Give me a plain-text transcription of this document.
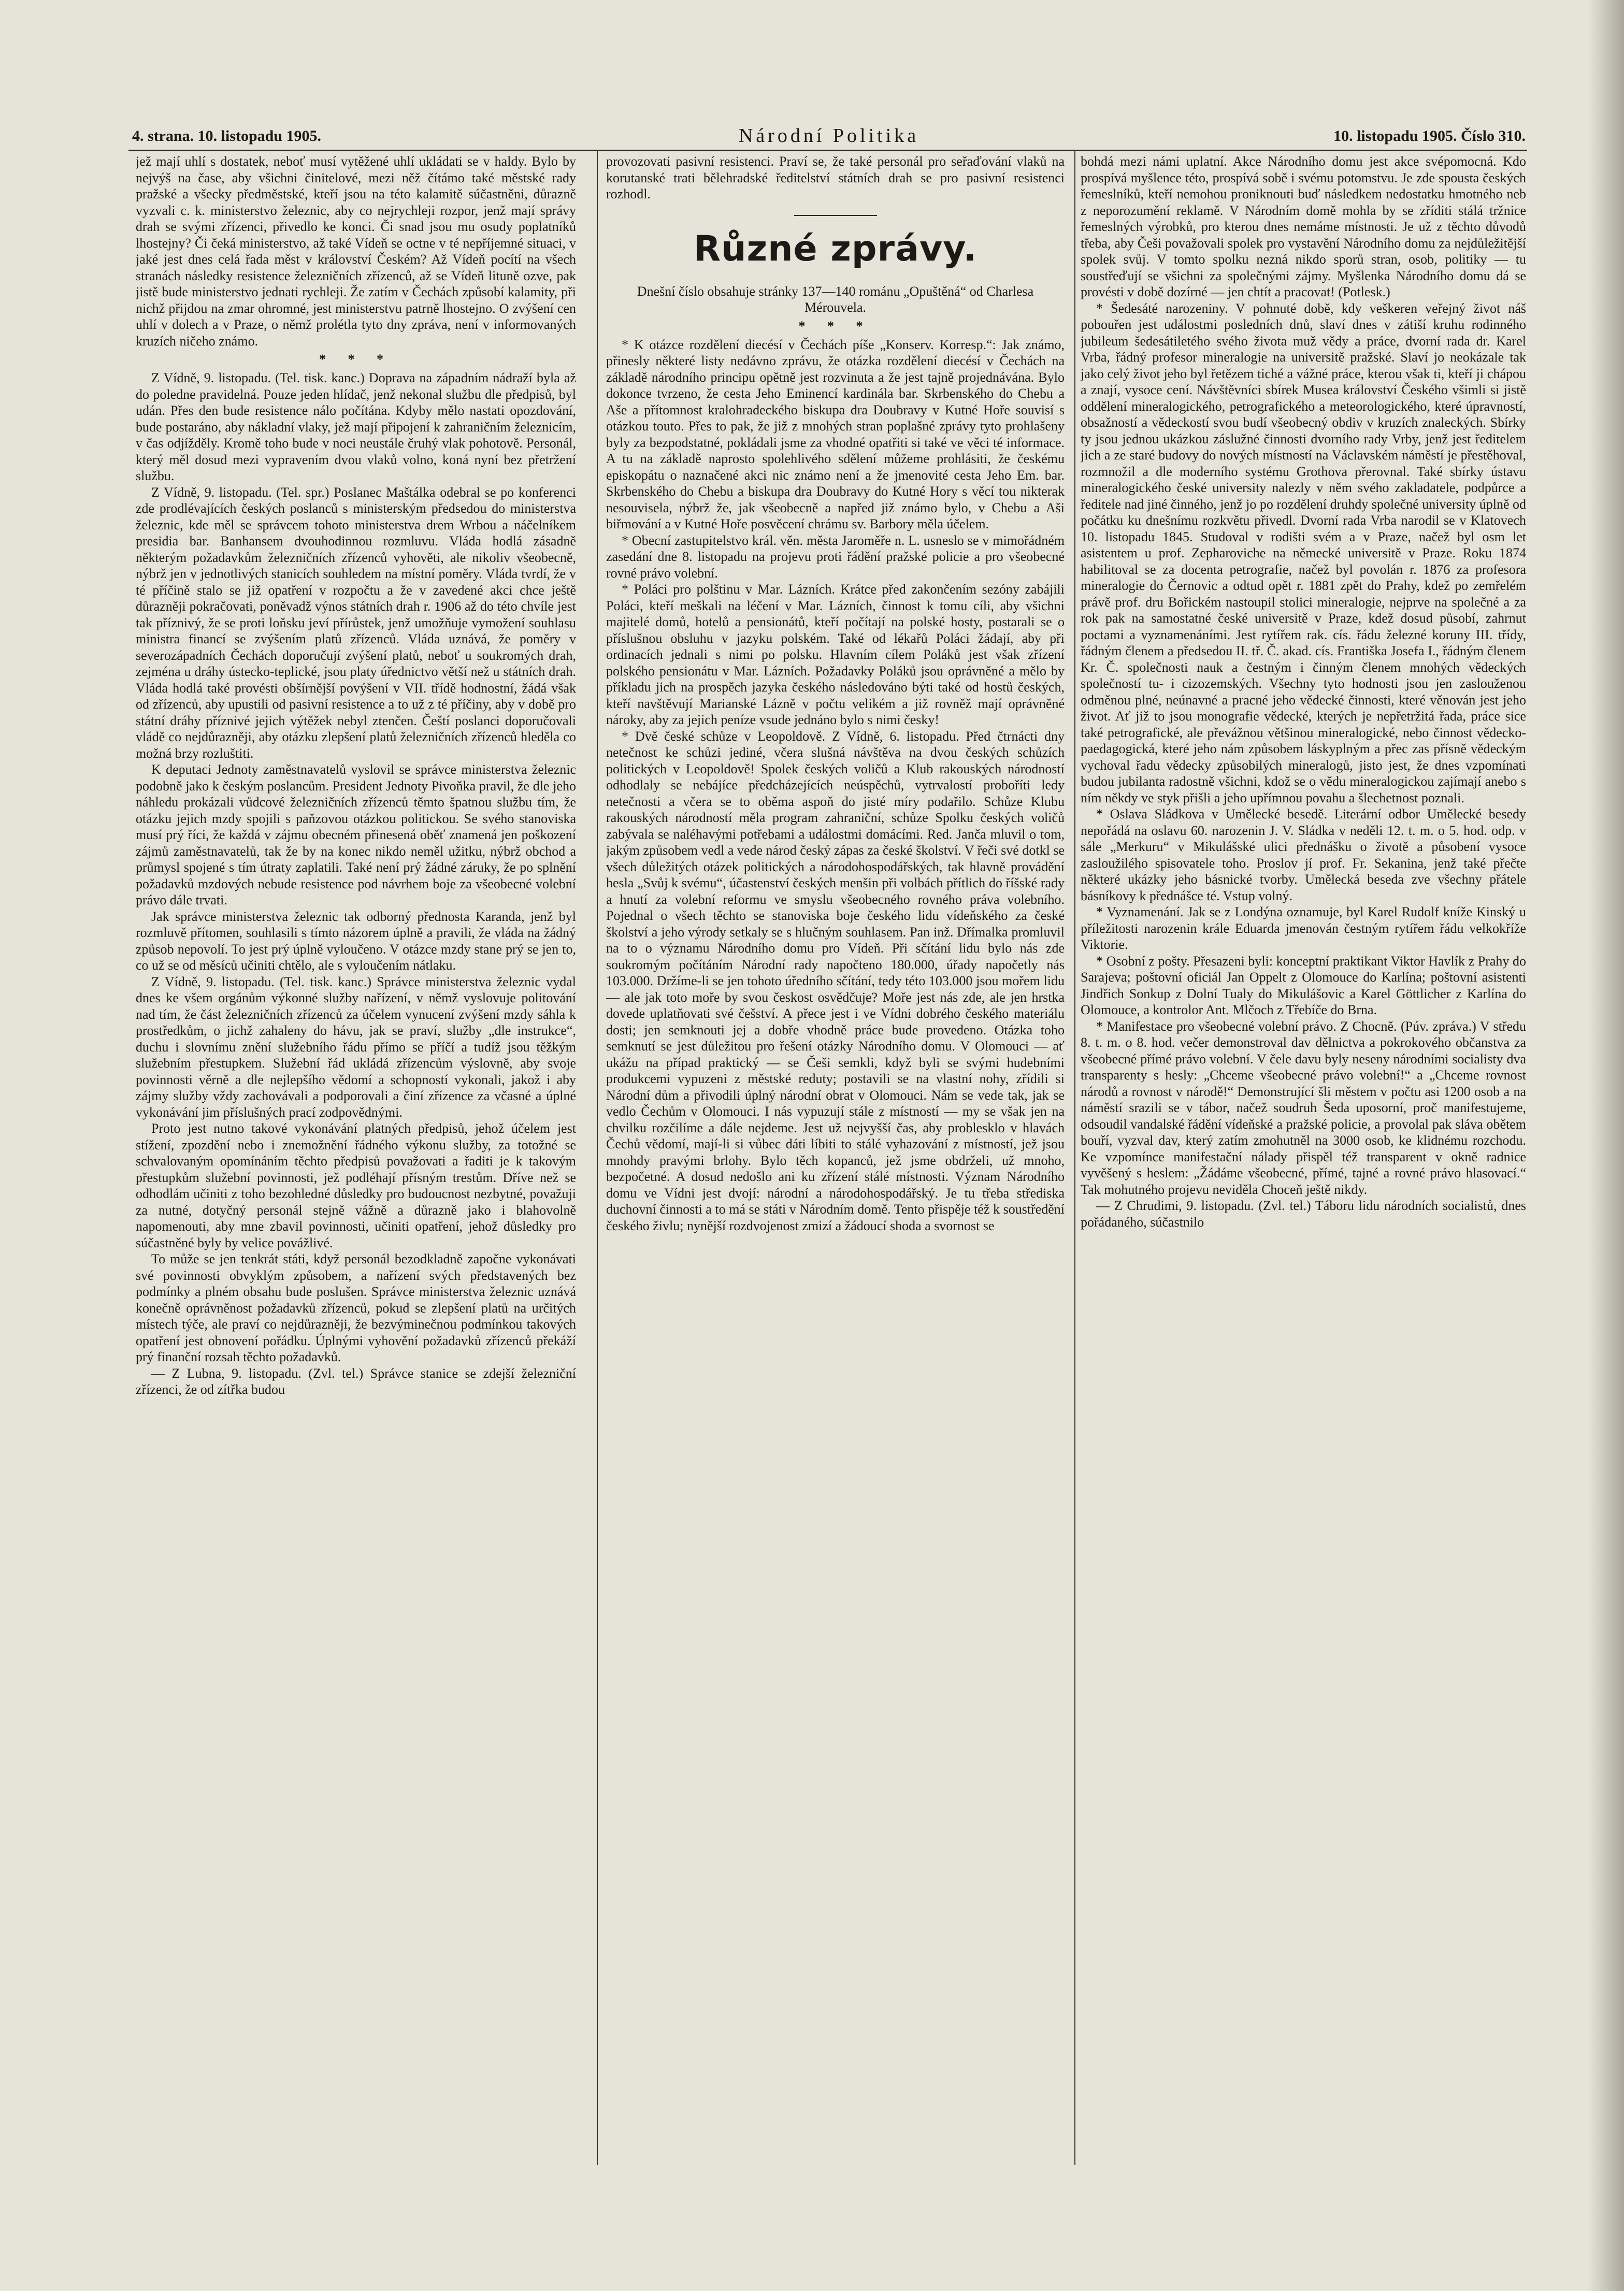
4. strana. 10. listopadu 1905.	Národní Politika	10. listopadu 1905. Číslo 310.

jež mají uhlí s dostatek, neboť musí vytěžené uhlí ukládati se v haldy. Bylo by nejvýš na čase, aby všichni činitelové, mezi něž čítámo také městské rady pražské a všecky předměstské, kteří jsou na této kalamitě súčastněni, důrazně vyzvali c. k. ministerstvo železnic, aby co nejrychleji rozpor, jenž mají správy drah se svými zřízenci, přivedlo ke konci. Či snad jsou mu osudy poplatníků lhostejny? Či čeká ministerstvo, až také Vídeň se octne v té nepříjemné situaci, v jaké jest dnes celá řada měst v království Českém? Až Vídeň pocítí na všech stranách následky resistence železničních zřízenců, až se Vídeň lituně ozve, pak jistě bude ministerstvo jednati rychleji. Že zatím v Čechách způsobí kalamity, při nichž přijdou na zmar ohromné, jest ministerstvu patrně lhostejno. O zvýšení cen uhlí v dolech a v Praze, o němž prolétla tyto dny zpráva, není v informovaných kruzích ničeho známo.

* * *

Z Vídně, 9. listopadu. (Tel. tisk. kanc.) Doprava na západním nádraží byla až do poledne pravidelná. Pouze jeden hlídač, jenž nekonal službu dle předpisů, byl udán. Přes den bude resistence nálo počítána. Kdyby mělo nastati opozdování, bude postaráno, aby nákladní vlaky, jež mají připojení k zahraničním železnicím, v čas odjížděly. Kromě toho bude v noci neustále čruhý vlak pohotově. Personál, který měl dosud mezi vypravením dvou vlaků volno, koná nyní bez přetržení službu.

Z Vídně, 9. listopadu. (Tel. spr.) Poslanec Maštálka odebral se po konferenci zde prodlévajících českých poslanců s ministerským předsedou do ministerstva železnic, kde měl se správcem tohoto ministerstva drem Wrbou a náčelníkem presidia bar. Banhansem dvouhodinnou rozmluvu. Vláda hodlá zásadně některým požadavkům železničních zřízenců vyhověti, ale nikoliv všeobecně, nýbrž jen v jednotlivých stanicích souhledem na místní poměry. Vláda tvrdí, že v té příčině stalo se již opatření v rozpočtu a že v zavedené akci chce ještě důrazněji pokračovati, poněvadž výnos státních drah r. 1906 až do této chvíle jest tak příznivý, že se proti loňsku jeví přírůstek, jenž umožňuje vymožení souhlasu ministra financí se zvýšením platů zřízenců. Vláda uznává, že poměry v severozápadních Čechách doporučují zvýšení platů, neboť u soukromých drah, zejména u dráhy ústecko-teplické, jsou platy úřednictvo větší než u státních drah. Vláda hodlá také provésti obšírnější povýšení v VII. třídě hodnostní, žádá však od zřízenců, aby upustili od pasivní resistence a to už z té příčiny, aby v době pro státní dráhy příznivé jejich výtěžek nebyl ztenčen. Čeští poslanci doporučovali vládě co nejdůrazněji, aby otázku zlepšení platů železničních zřízenců hleděla co možná brzy rozluštiti.

K deputaci Jednoty zaměstnavatelů vyslovil se správce ministerstva železnic podobně jako k českým poslancům. President Jednoty Pivoňka pravil, že dle jeho náhledu prokázali vůdcové železničních zřízenců těmto špatnou službu tím, že otázku jejich mzdy spojili s paňzovou otázkou politickou. Se svého stanoviska musí prý říci, že každá v zájmu obecném přinesená oběť znamená jen poškození zájmů zaměstnavatelů, tak že by na konec nikdo neměl užitku, nýbrž obchod a průmysl spojené s tím útraty zaplatili. Také není prý žádné záruky, že po splnění požadavků mzdových nebude resistence pod návrhem boje za všeobecné volební právo dále trvati.

Jak správce ministerstva železnic tak odborný přednosta Karanda, jenž byl rozmluvě přítomen, souhlasili s tímto názorem úplně a pravili, že vláda na žádný způsob nepovolí. To jest prý úplně vyloučeno. V otázce mzdy stane prý se jen to, co už se od měsíců učiniti chtělo, ale s vyloučením nátlaku.

Z Vídně, 9. listopadu. (Tel. tisk. kanc.) Správce ministerstva železnic vydal dnes ke všem orgánům výkonné služby nařízení, v němž vyslovuje politování nad tím, že část železničních zřízenců za účelem vynucení zvýšení mzdy sáhla k prostředkům, o jichž zahaleny do hávu, jak se praví, služby „dle instrukce“, duchu i slovnímu znění služebního řádu přímo se příčí a tudíž jsou těžkým služebním přestupkem. Služební řád ukládá zřízencům výslovně, aby svoje povinnosti věrně a dle nejlepšího vědomí a schopností vykonali, jakož i aby zájmy služby vždy zachovávali a podporovali a činí zřízence za včasné a úplné vykonávání jim příslušných prací zodpovědnými.

Proto jest nutno takové vykonávání platných předpisů, jehož účelem jest stížení, zpozdění nebo i znemožnění řádného výkonu služby, za totožné se schvalovaným opomínáním těchto předpisů považovati a řaditi je k takovým přestupkům služební povinnosti, jež podléhají přísným trestům. Dříve než se odhodlám učiniti z toho bezohledné důsledky pro budoucnost nezbytné, považuji za nutné, dotyčný personál stejně vážně a důrazně jako i blahovolně napomenouti, aby mne zbavil povinnosti, učiniti opatření, jehož důsledky pro súčastněné byly by velice povážlivé.

To může se jen tenkrát státi, když personál bezodkladně započne vykonávati své povinnosti obvyklým způsobem, a nařízení svých představených bez podmínky a plném obsahu bude poslušen. Správce ministerstva železnic uznává konečně oprávněnost požadavků zřízenců, pokud se zlepšení platů na určitých místech týče, ale praví co nejdůrazněji, že bezvýminečnou podmínkou takových opatření jest obnovení pořádku. Úplnými vyhovění požadavků zřízenců překáží prý finanční rozsah těchto požadavků.

— Z Lubna, 9. listopadu. (Zvl. tel.) Správce stanice se zdejší železniční zřízenci, že od zítřka budou

provozovati pasivní resistenci. Praví se, že také personál pro seřaďování vlaků na korutanské trati bělehradské ředitelství státních drah se pro pasivní resistenci rozhodl.

Různé zprávy.

Dnešní číslo obsahuje stránky 137—140 románu „Opuštěná“ od Charlesa Mérouvela.

* * *

* K otázce rozdělení diecésí v Čechách píše „Konserv. Korresp.“: Jak známo, přinesly některé listy nedávno zprávu, že otázka rozdělení diecésí v Čechách na základě národního principu opětně jest rozvinuta a že jest tajně projednávána. Bylo dokonce tvrzeno, že cesta Jeho Eminencí kardinála bar. Skrbenského do Chebu a Aše a přítomnost kralohradeckého biskupa dra Doubravy v Kutné Hoře souvisí s otázkou touto. Přes to pak, že již z mnohých stran poplašné zprávy tyto prohlašeny byly za bezpodstatné, pokládali jsme za vhodné opatřiti si také ve věci té informace. A tu na základě naprosto spolehlivého sdělení můžeme prohlásiti, že českému episkopátu o naznačené akci nic známo není a že jmenovité cesta Jeho Em. bar. Skrbenského do Chebu a biskupa dra Doubravy do Kutné Hory s věcí tou nikterak nesouvisela, nýbrž že, jak všeobecně a napřed již známo bylo, v Chebu a Aši biřmování a v Kutné Hoře posvěcení chrámu sv. Barbory měla účelem.

* Obecní zastupitelstvo král. věn. města Jaroměře n. L. usneslo se v mimořádném zasedání dne 8. listopadu na projevu proti řádění pražské policie a pro všeobecné rovné právo volební.

* Poláci pro polštinu v Mar. Lázních. Krátce před zakončením sezóny zabájili Poláci, kteří meškali na léčení v Mar. Lázních, činnost k tomu cíli, aby všichni majitelé domů, hotelů a pensionátů, kteří počítají na polské hosty, postarali se o příslušnou obsluhu v jazyku polském. Také od lékařů Poláci žádají, aby při ordinacích jednali s nimi po polsku. Hlavním cílem Poláků jest však zřízení polského pensionátu v Mar. Lázních. Požadavky Poláků jsou oprávněné a mělo by příkladu jich na prospěch jazyka českého následováno býti také od hostů českých, kteří navštěvují Marianské Lázně v počtu velikém a již rovněž mají oprávněné nároky, aby za jejich peníze vsude jednáno bylo s nimi česky!

* Dvě české schůze v Leopoldově. Z Vídně, 6. listopadu. Před čtrnácti dny netečnost ke schůzi jediné, včera slušná návštěva na dvou českých schůzích politických v Leopoldově! Spolek českých voličů a Klub rakouských národností odhodlaly se nebájíce předcházejících neúspěchů, vytrvalostí proboříti ledy netečnosti a včera se to oběma aspoň do jisté míry podařilo. Schůze Klubu rakouských národností měla program zahraniční, schůze Spolku českých voličů zabývala se naléhavými potřebami a událostmi domácími. Red. Janča mluvil o tom, jakým způsobem vedl a vede národ český zápas za české školství. V řeči své dotkl se všech důležitých otázek politických a národohospodářských, tak hlavně provádění hesla „Svůj k svému“, účastenství českých menšin při volbách přítlich do říšské rady a hnutí za volební reformu ve smyslu všeobecného rovného práva volebního. Pojednal o všech těchto se stanoviska boje českého lidu vídeňského za české školství a jeho výrody setkaly se s hlučným souhlasem. Pan inž. Dřímalka promluvil na to o významu Národního domu pro Vídeň. Při sčítání lidu bylo nás zde soukromým počítáním Národní rady napočteno 180.000, úřady napočetly nás 103.000. Držíme-li se jen tohoto úředního sčítání, tedy této 103.000 jsou mořem lidu — ale jak toto moře by svou českost osvědčuje? Moře jest nás zde, ale jen hrstka dovede uplatňovati své češství. A přece jest i ve Vídni dobrého českého materiálu dosti; jen semknouti jej a dobře vhodně práce bude provedeno. Otázka toho semknutí se jest důležitou pro řešení otázky Národního domu. V Olomouci — ať ukážu na případ praktický — se Češi semkli, když byli se svými hudebními produkcemi vypuzeni z městské reduty; postavili se na vlastní nohy, zřídili si Národní dům a přivodili úplný národní obrat v Olomouci. Nám se vede tak, jak se vedlo Čechům v Olomouci. I nás vypuzují stále z místností — my se však jen na chvilku rozčilíme a dále nejdeme. Jest už nejvyšší čas, aby problesklo v hlavách Čechů vědomí, mají-li si vůbec dáti líbiti to stálé vyhazování z místností, jež jsou mnohdy pravými brlohy. Bylo těch kopanců, jež jsme obdrželi, už mnoho, bezpočetné. A dosud nedošlo ani ku zřízení stálé místnosti. Význam Národního domu ve Vídni jest dvojí: národní a národohospodářský. Je tu třeba střediska duchovní činnosti a to má se státi v Národním domě. Tento přispěje též k soustředění českého živlu; nynější rozdvojenost zmizí a žádoucí shoda a svornost se

bohdá mezi námi uplatní. Akce Národního domu jest akce svépomocná. Kdo prospívá myšlence této, prospívá sobě i svému potomstvu. Je zde spousta českých řemeslníků, kteří nemohou proniknouti buď následkem nedostatku hmotného neb z neporozumění reklamě. V Národním domě mohla by se zříditi stálá tržnice řemeslných výrobků, pro kterou dnes nemáme místnosti. Je už z těchto důvodů třeba, aby Češi považovali spolek pro vystavění Národního domu za nejdůležitější spolek svůj. V tomto spolku nezná nikdo sporů stran, osob, politiky — tu soustřeďují se všichni za společnými zájmy. Myšlenka Národního domu dá se provésti v době dozírné — jen chtít a pracovat! (Potlesk.)

* Šedesáté narozeniny. V pohnuté době, kdy veškeren veřejný život náš pobouřen jest událostmi posledních dnů, slaví dnes v zátiší kruhu rodinného jubileum šedesátiletého svého života muž vědy a práce, dvorní rada dr. Karel Vrba, řádný profesor mineralogie na universitě pražské. Slaví jo neokázale tak jako celý život jeho byl řetězem tiché a vážné práce, kterou však ti, kteří ji chápou a znají, vysoce cení. Návštěvníci sbírek Musea království Českého všimli si jistě oddělení mineralogického, petrografického a meteorologického, které úpravností, obsažností a vědeckostí svou budí všeobecný obdiv v kruzích znaleckých. Sbírky ty jsou jednou ukázkou záslužné činnosti dvorního rady Vrby, jenž jest ředitelem jich a ze staré budovy do nových místností na Václavském náměstí je přestěhoval, rozmnožil a dle moderního systému Grothova přerovnal. Také sbírky ústavu mineralogického české university nalezly v něm svého zakladatele, podpůrce a ředitele nad jiné činného, jenž jo po rozdělení druhdy společné university úplně od počátku ku dnešnímu rozkvětu přivedl. Dvorní rada Vrba narodil se v Klatovech 10. listopadu 1845. Studoval v rodišti svém a v Praze, načež byl osm let asistentem u prof. Zepharoviche na německé universitě v Praze. Roku 1874 habilitoval se za docenta petrografie, načež byl povolán r. 1876 za profesora mineralogie do Černovic a odtud opět r. 1881 zpět do Prahy, kdež po zemřelém právě prof. dru Bořickém nastoupil stolici mineralogie, nejprve na společné a za rok pak na samostatné české universitě v Praze, kdež dosud působí, zahrnut poctami a vyznamenáními. Jest rytířem rak. cís. řádu železné koruny III. třídy, řádným členem a předsedou II. tř. Č. akad. cís. Františka Josefa I., řádným členem Kr. Č. společnosti nauk a čestným i činným členem mnohých vědeckých společností tu- i cizozemských. Všechny tyto hodnosti jsou jen zaslouženou odměnou plné, neúnavné a pracné jeho vědecké činnosti, které věnován jest jeho život. Ať již to jsou monografie vědecké, kterých je nepřetržitá řada, práce sice také petrografické, ale převážnou většinou mineralogické, nebo činnost vědecko-paedagogická, které jeho nám způsobem láskyplným a přec zas přísně vědeckým vychoval řadu vědecky způsobilých mineralogů, jisto jest, že dnes vzpomínati budou jubilanta radostně všichni, kdož se o vědu mineralogickou zajímají anebo s ním někdy ve styk přišli a jeho upřímnou povahu a šlechetnost poznali.

* Oslava Sládkova v Umělecké besedě. Literární odbor Umělecké besedy nepořádá na oslavu 60. narozenin J. V. Sládka v neděli 12. t. m. o 5. hod. odp. v sále „Merkuru“ v Mikulášské ulici přednášku o životě a působení vysoce zasloužilého spisovatele toho. Proslov jí prof. Fr. Sekanina, jenž také přečte některé ukázky jeho básnické tvorby. Umělecká beseda zve všechny přátele básníkovy k přednášce té. Vstup volný.

* Vyznamenání. Jak se z Londýna oznamuje, byl Karel Rudolf kníže Kinský u příležitosti narozenin krále Eduarda jmenován čestným rytířem řádu velkokříže Viktorie.

* Osobní z pošty. Přesazeni byli: konceptní praktikant Viktor Havlík z Prahy do Sarajeva; poštovní oficiál Jan Oppelt z Olomouce do Karlína; poštovní asistenti Jindřich Sonkup z Dolní Tualy do Mikulášovic a Karel Göttlicher z Karlína do Olomouce, a kontrolor Ant. Mlčoch z Třebíče do Brna.

* Manifestace pro všeobecné volební právo. Z Chocně. (Púv. zpráva.) V středu 8. t. m. o 8. hod. večer demonstroval dav dělnictva a pokrokového občanstva za všeobecné přímé právo volební. V čele davu byly neseny národními socialisty dva transparenty s hesly: „Chceme všeobecné právo volební!“ a „Chceme rovnost národů a rovnost v národě!“ Demonstrující šli městem v počtu asi 1200 osob a na náměstí srazili se v tábor, načež soudruh Šeda uposorní, proč manifestujeme, odsoudil vandalské řádění vídeňské a pražské policie, a provolal pak sláva obětem bouří, vyzval dav, který zatím zmohutněl na 3000 osob, ke klidnému rozchodu. Ke vzpomínce manifestační nálady přispěl též transparent v okně radnice vyvěšený s heslem: „Žádáme všeobecné, přímé, tajné a rovné právo hlasovací.“ Tak mohutného projevu neviděla Choceň ještě nikdy.

— Z Chrudimi, 9. listopadu. (Zvl. tel.) Táboru lidu národních socialistů, dnes pořádaného, súčastnilo
